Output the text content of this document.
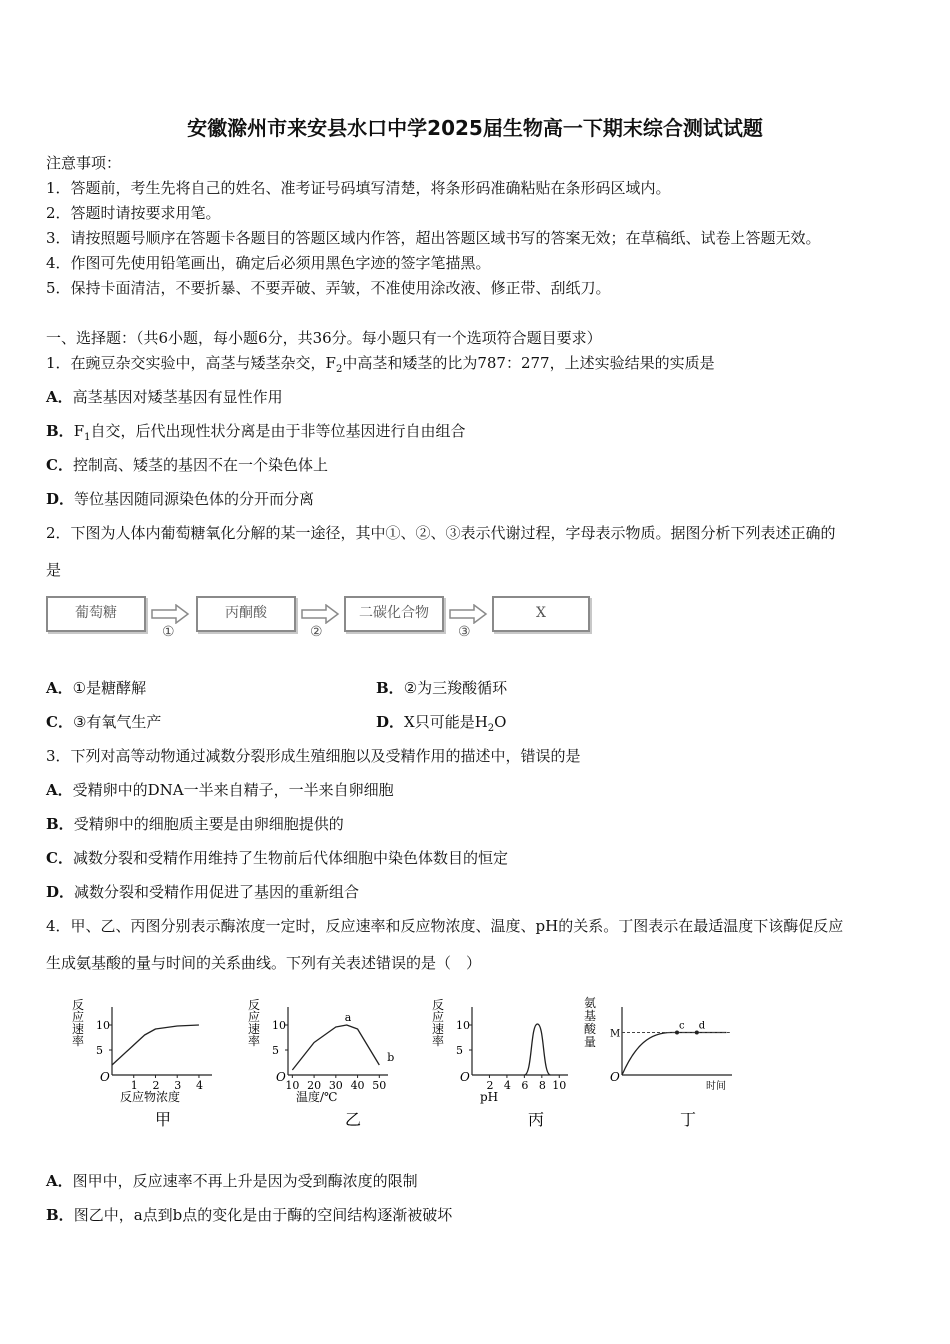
安徽滁州市来安县水口中学2025届生物高一下期末综合测试试题
注意事项：
1．答题前，考生先将自己的姓名、准考证号码填写清楚，将条形码准确粘贴在条形码区域内。
2．答题时请按要求用笔。
3．请按照题号顺序在答题卡各题目的答题区域内作答，超出答题区域书写的答案无效；在草稿纸、试卷上答题无效。
4．作图可先使用铅笔画出，确定后必须用黑色字迹的签字笔描黑。
5．保持卡面清洁，不要折暴、不要弄破、弄皱，不准使用涂改液、修正带、刮纸刀。
一、选择题：（共6小题，每小题6分，共36分。每小题只有一个选项符合题目要求）
1．在豌豆杂交实验中，高茎与矮茎杂交，$F_2$中高茎和矮茎的比为787：277，上述实验结果的实质是
A．高茎基因对矮茎基因有显性作用
B．$F_1$自交，后代出现性状分离是由于非等位基因进行自由组合
C．控制高、矮茎的基因不在一个染色体上
D．等位基因随同源染色体的分开而分离
2．下图为人体内葡萄糖氧化分解的某一途径，其中①、②、③表示代谢过程，字母表示物质。据图分析下列表述正确的
是
葡萄糖
①
丙酮酸
②
二碳化合物
③
X
A．①是糖酵解	B．②为三羧酸循环
C．③有氧气生产	D．X只可能是$H_2O$
3．下列对高等动物通过减数分裂形成生殖细胞以及受精作用的描述中，错误的是
A．受精卵中的DNA一半来自精子，一半来自卵细胞
B．受精卵中的细胞质主要是由卵细胞提供的
C．减数分裂和受精作用维持了生物前后代体细胞中染色体数目的恒定
D．减数分裂和受精作用促进了基因的重新组合
4．甲、乙、丙图分别表示酶浓度一定时，反应速率和反应物浓度、温度、pH的关系。丁图表示在最适温度下该酶促反应
生成氨基酸的量与时间的关系曲线。下列有关表述错误的是（　）
O
反
应
速
率
5
10
1 2 3 4
反应物浓度
甲
O
反
应
速
率
5
10
10 20 30 40 50
温度/℃
乙
a
b
O
反
应
速
率
5
10
2 4 6 8 10
pH
丙
O
氨
基
酸
量
时间
丁
M
c d
A．图甲中，反应速率不再上升是因为受到酶浓度的限制
B．图乙中，a点到b点的变化是由于酶的空间结构逐渐被破坏
